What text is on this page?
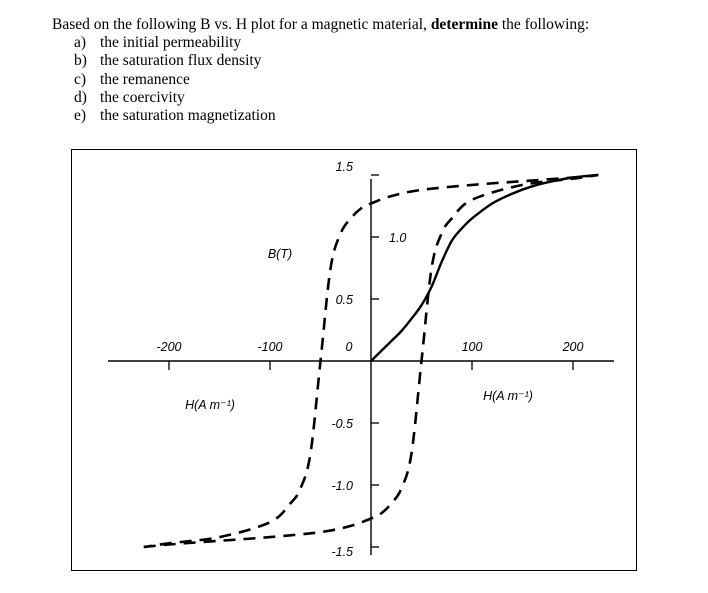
Based on the following B vs. H plot for a magnetic material, determine the following:

a) the initial permeability
b) the saturation flux density
c) the remanence
d) the coercivity
e) the saturation magnetization
-200	-100	100	200
1.5
1.0
0.5
-0.5
-1.0
-1.5
0
B(T)
H(A m⁻¹)
H(A m⁻¹)
